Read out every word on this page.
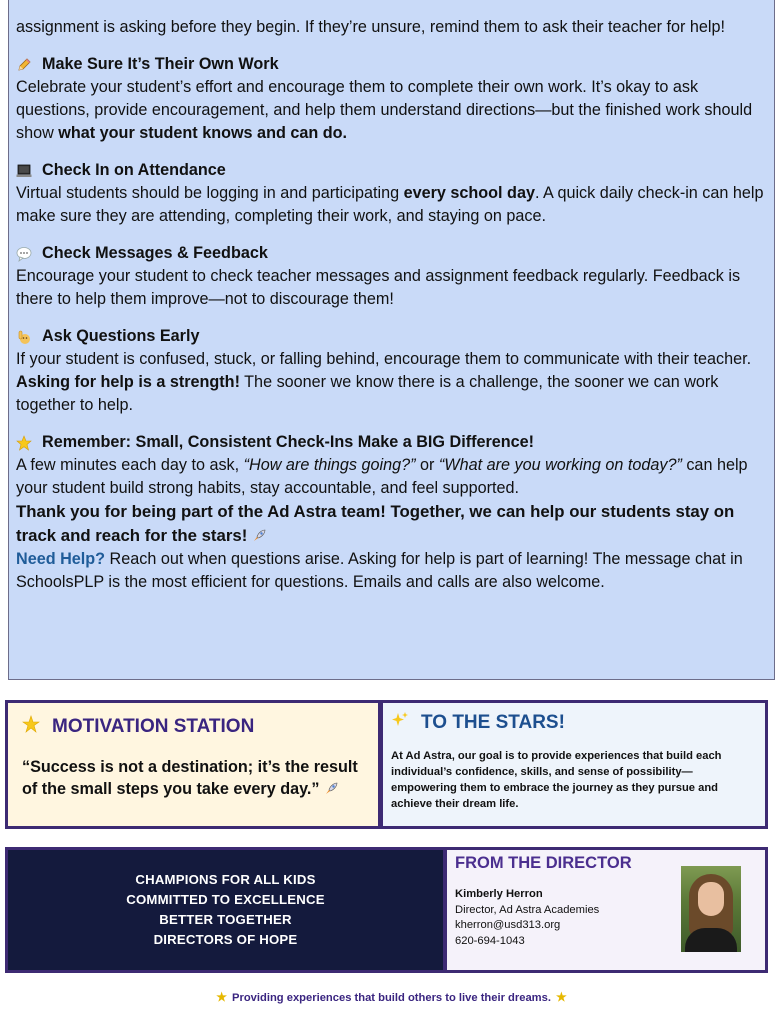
assignment is asking before they begin. If they’re unsure, remind them to ask their teacher for help!

Make Sure It’s Their Own Work

Celebrate your student’s effort and encourage them to complete their own work. It’s okay to ask questions, provide encouragement, and help them understand directions—but the finished work should show what your student knows and can do.

Check In on Attendance

Virtual students should be logging in and participating every school day. A quick daily check-in can help make sure they are attending, completing their work, and staying on pace.

Check Messages & Feedback

Encourage your student to check teacher messages and assignment feedback regularly. Feedback is there to help them improve—not to discourage them!

Ask Questions Early

If your student is confused, stuck, or falling behind, encourage them to communicate with their teacher. Asking for help is a strength! The sooner we know there is a challenge, the sooner we can work together to help.

Remember: Small, Consistent Check-Ins Make a BIG Difference!

A few minutes each day to ask, “How are things going?” or “What are you working on today?” can help your student build strong habits, stay accountable, and feel supported.

Thank you for being part of the Ad Astra team! Together, we can help our students stay on track and reach for the stars!

Need Help? Reach out when questions arise. Asking for help is part of learning! The message chat in SchoolsPLP is the most efficient for questions. Emails and calls are also welcome.

MOTIVATION STATION

“Success is not a destination; it’s the result of the small steps you take every day.”

TO THE STARS!

At Ad Astra, our goal is to provide experiences that build each individual’s confidence, skills, and sense of possibility—empowering them to embrace the journey as they pursue and achieve their dream life.

CHAMPIONS FOR ALL KIDS
COMMITTED TO EXCELLENCE
BETTER TOGETHER
DIRECTORS OF HOPE
FROM THE DIRECTOR
Kimberly Herron
Director, Ad Astra Academies
kherron@usd313.org
620-694-1043
★ Providing experiences that build others to live their dreams. ★
